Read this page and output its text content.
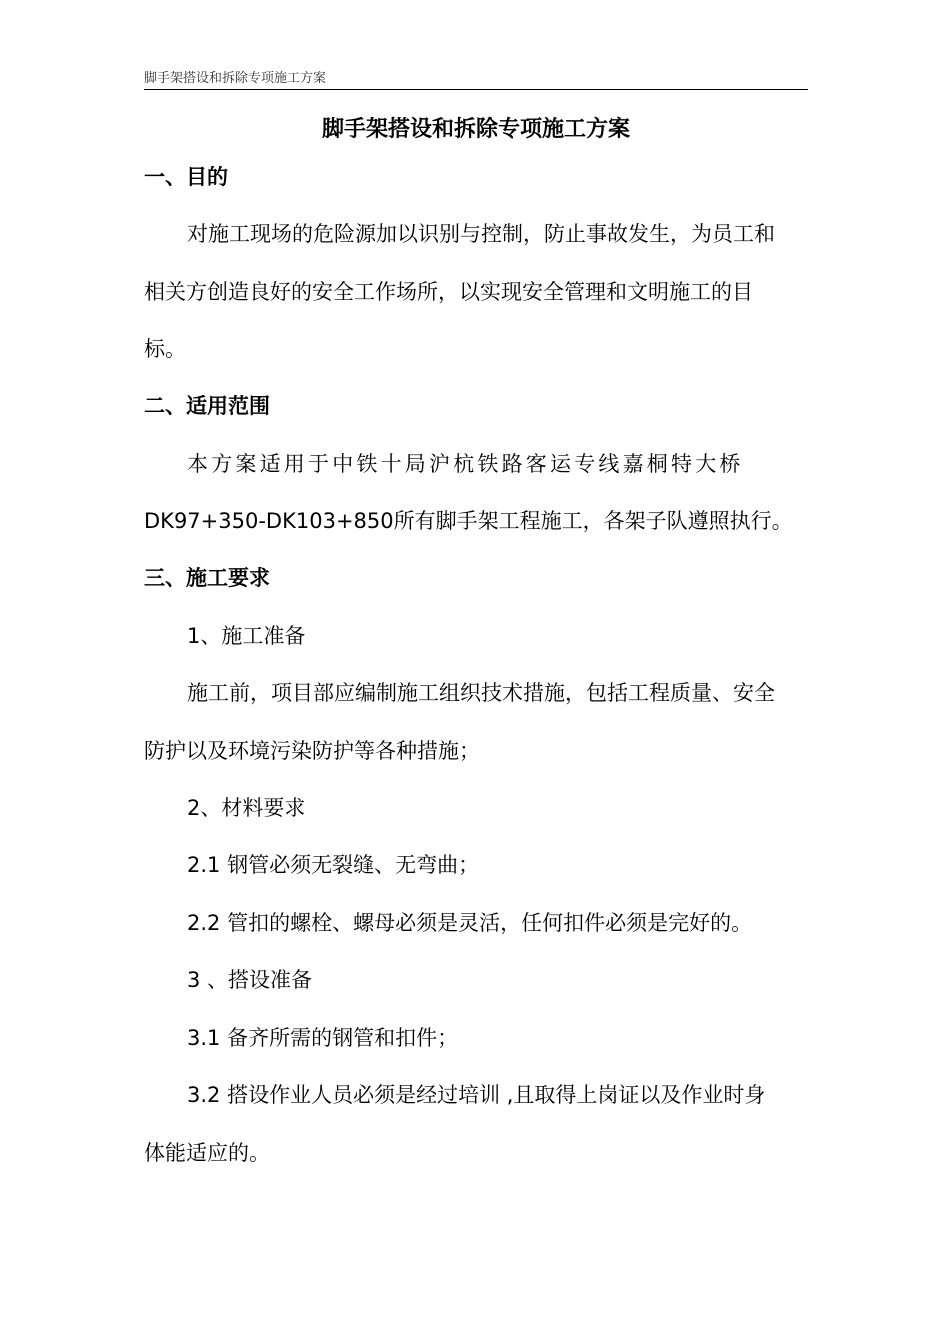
脚手架搭设和拆除专项施工方案
脚手架搭设和拆除专项施工方案
一、目的
对施工现场的危险源加以识别与控制，防止事故发生，为员工和
相关方创造良好的安全工作场所，以实现安全管理和文明施工的目
标。
二、适用范围
本方案适用于中铁十局沪杭铁路客运专线嘉桐特大桥
DK97+350-DK103+850所有脚手架工程施工，各架子队遵照执行。
三、施工要求
1、施工准备
施工前，项目部应编制施工组织技术措施，包括工程质量、安全
防护以及环境污染防护等各种措施；
2、材料要求
2.1 钢管必须无裂缝、无弯曲；
2.2 管扣的螺栓、螺母必须是灵活，任何扣件必须是完好的。
3 、搭设准备
3.1 备齐所需的钢管和扣件；
3.2 搭设作业人员必须是经过培训 ,且取得上岗证以及作业时身
体能适应的。
